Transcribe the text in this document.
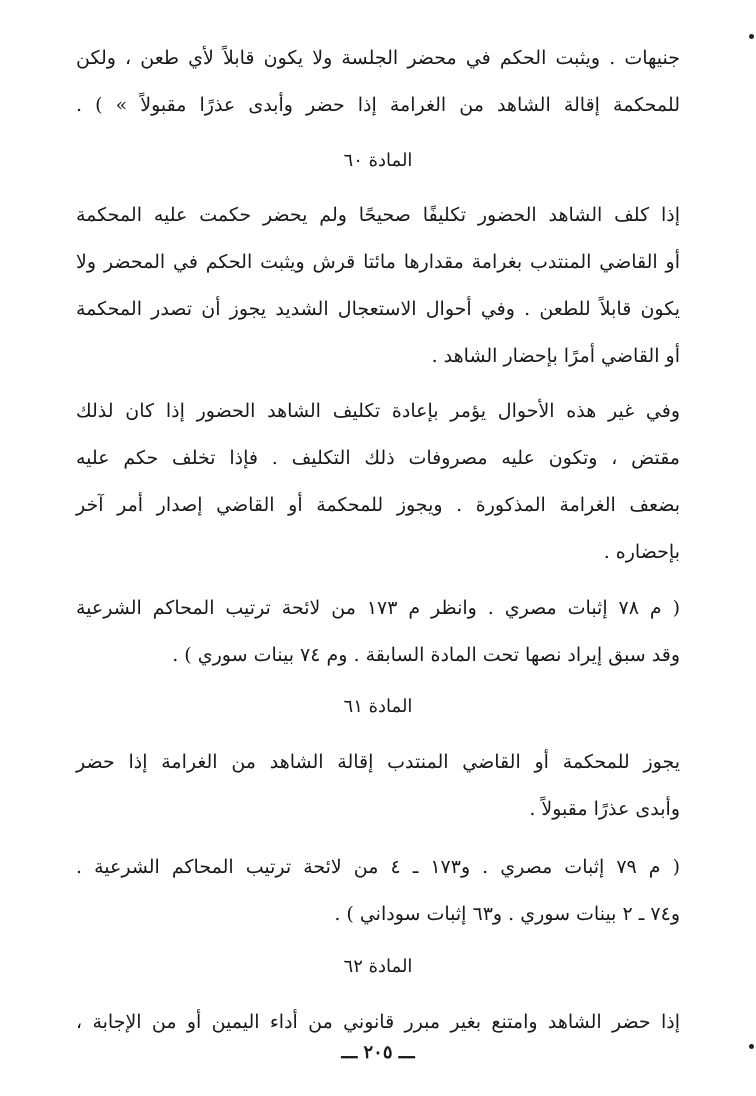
جنيهات . ويثبت الحكم في محضر الجلسة ولا يكون قابلاً لأي طعن ، ولكن
للمحكمة إقالة الشاهد من الغرامة إذا حضر وأبدى عذرًا مقبولاً » ) .
المادة ٦٠
إذا كلف الشاهد الحضور تكليفًا صحيحًا ولم يحضر حكمت عليه المحكمة
أو القاضي المنتدب بغرامة مقدارها مائتا قرش ويثبت الحكم في المحضر ولا
يكون قابلاً للطعن . وفي أحوال الاستعجال الشديد يجوز أن تصدر المحكمة
أو القاضي أمرًا بإحضار الشاهد .
وفي غير هذه الأحوال يؤمر بإعادة تكليف الشاهد الحضور إذا كان لذلك
مقتض ، وتكون عليه مصروفات ذلك التكليف . فإذا تخلف حكم عليه
بضعف الغرامة المذكورة . ويجوز للمحكمة أو القاضي إصدار أمر آخر
بإحضاره .
( م ٧٨ إثبات مصري . وانظر م ١٧٣ من لائحة ترتيب المحاكم الشرعية
وقد سبق إيراد نصها تحت المادة السابقة . وم ٧٤ بينات سوري ) .
المادة ٦١
يجوز للمحكمة أو القاضي المنتدب إقالة الشاهد من الغرامة إذا حضر
وأبدى عذرًا مقبولاً .
( م ٧٩ إثبات مصري . و١٧٣ ـ ٤ من لائحة ترتيب المحاكم الشرعية .
و٧٤ ـ ٢ بينات سوري . و٦٣ إثبات سوداني ) .
المادة ٦٢
إذا حضر الشاهد وامتنع بغير مبرر قانوني من أداء اليمين أو من الإجابة ،
ـــ ٢٠٥ ـــ
